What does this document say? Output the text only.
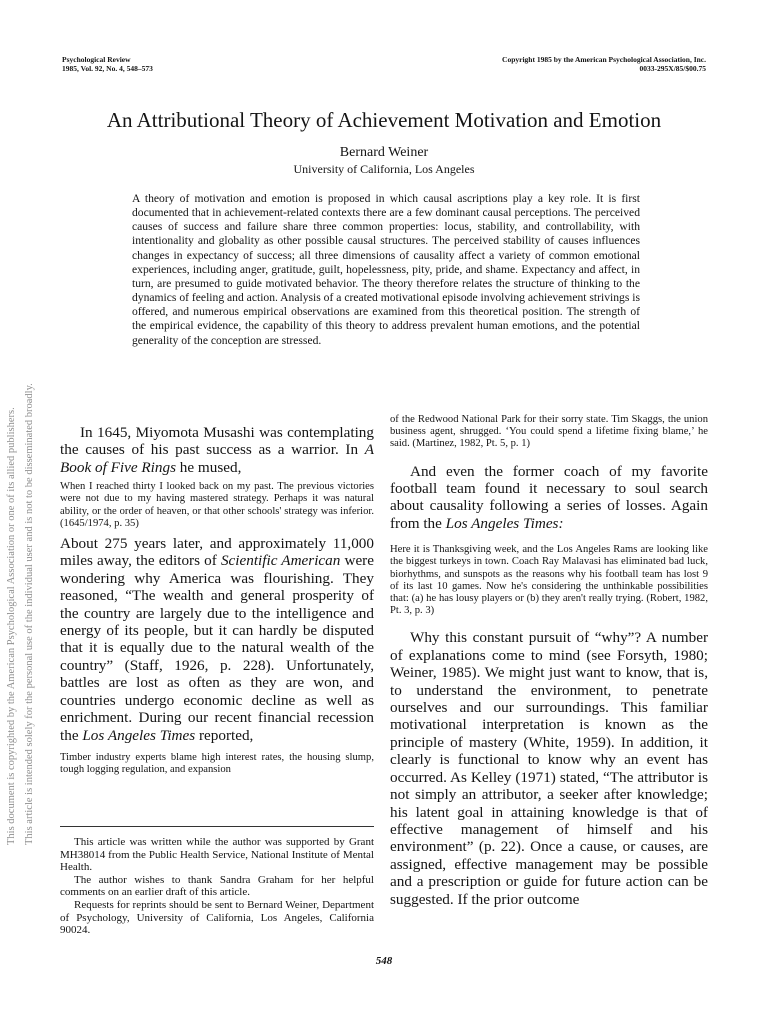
Psychological Review
1985, Vol. 92, No. 4, 548–573
Copyright 1985 by the American Psychological Association, Inc.
0033-295X/85/$00.75
An Attributional Theory of Achievement Motivation and Emotion
Bernard Weiner
University of California, Los Angeles

A theory of motivation and emotion is proposed in which causal ascriptions play a key role. It is first documented that in achievement-related contexts there are a few dominant causal perceptions. The perceived causes of success and failure share three common properties: locus, stability, and controllability, with intentionality and globality as other possible causal structures. The perceived stability of causes influences changes in expectancy of success; all three dimensions of causality affect a variety of common emotional experiences, including anger, gratitude, guilt, hopelessness, pity, pride, and shame. Expectancy and affect, in turn, are presumed to guide motivated behavior. The theory therefore relates the structure of thinking to the dynamics of feeling and action. Analysis of a created motivational episode involving achievement strivings is offered, and numerous empirical observations are examined from this theoretical position. The strength of the empirical evidence, the capability of this theory to address prevalent human emotions, and the potential generality of the conception are stressed.

This document is copyrighted by the American Psychological Association or one of its allied publishers. This article is intended solely for the personal use of the individual user and is not to be disseminated broadly.	In 1645, Miyomota Musashi was contemplating the causes of his past success as a warrior. In A Book of Five Rings he mused,

When I reached thirty I looked back on my past. The previous victories were not due to my having mastered strategy. Perhaps it was natural ability, or the order of heaven, or that other schools' strategy was inferior. (1645/1974, p. 35)

About 275 years later, and approximately 11,000 miles away, the editors of Scientific American were wondering why America was flourishing. They reasoned, “The wealth and general prosperity of the country are largely due to the intelligence and energy of its people, but it can hardly be disputed that it is equally due to the natural wealth of the country” (Staff, 1926, p. 228). Unfortunately, battles are lost as often as they are won, and countries undergo economic decline as well as enrichment. During our recent financial recession the Los Angeles Times reported,

Timber industry experts blame high interest rates, the housing slump, tough logging regulation, and expansion

This article was written while the author was supported by Grant MH38014 from the Public Health Service, National Institute of Mental Health.

The author wishes to thank Sandra Graham for her helpful comments on an earlier draft of this article.

Requests for reprints should be sent to Bernard Weiner, Department of Psychology, University of California, Los Angeles, California 90024.

of the Redwood National Park for their sorry state. Tim Skaggs, the union business agent, shrugged. ‘You could spend a lifetime fixing blame,’ he said. (Martinez, 1982, Pt. 5, p. 1)

And even the former coach of my favorite football team found it necessary to soul search about causality following a series of losses. Again from the Los Angeles Times:

Here it is Thanksgiving week, and the Los Angeles Rams are looking like the biggest turkeys in town. Coach Ray Malavasi has eliminated bad luck, biorhythms, and sunspots as the reasons why his football team has lost 9 of its last 10 games. Now he's considering the unthinkable possibilities that: (a) he has lousy players or (b) they aren't really trying. (Robert, 1982, Pt. 3, p. 3)

Why this constant pursuit of “why”? A number of explanations come to mind (see Forsyth, 1980; Weiner, 1985). We might just want to know, that is, to understand the environment, to penetrate ourselves and our surroundings. This familiar motivational interpretation is known as the principle of mastery (White, 1959). In addition, it clearly is functional to know why an event has occurred. As Kelley (1971) stated, “The attributor is not simply an attributor, a seeker after knowledge; his latent goal in attaining knowledge is that of effective management of himself and his environment” (p. 22). Once a cause, or causes, are assigned, effective management may be possible and a prescription or guide for future action can be suggested. If the prior outcome

548
